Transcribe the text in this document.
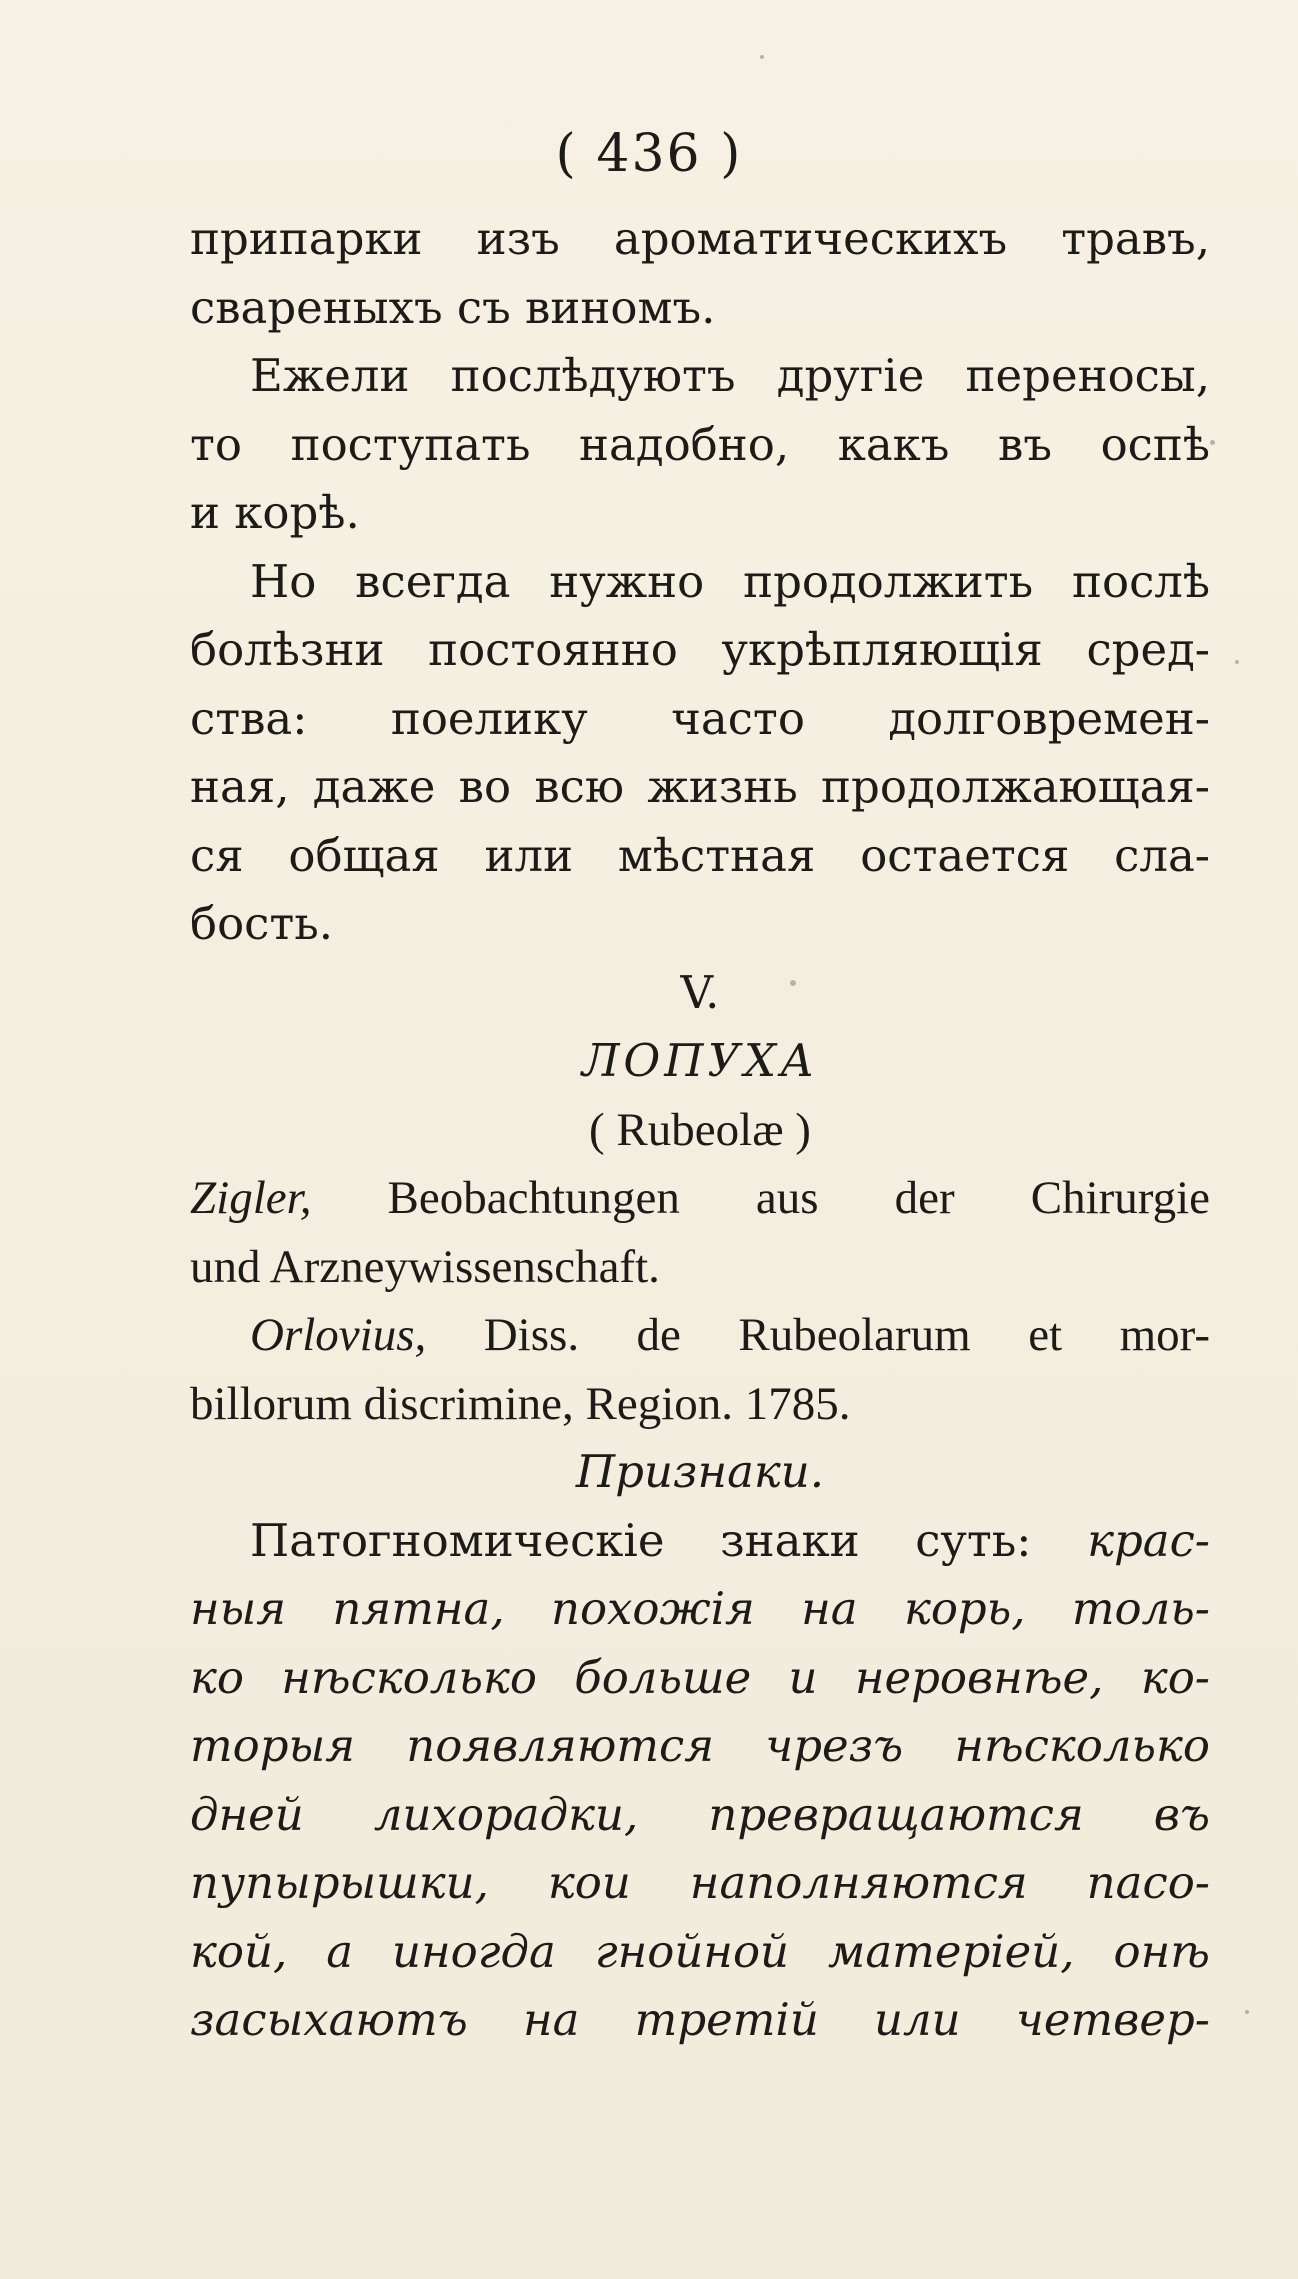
( 436 )
припарки изъ ароматическихъ травъ,
свареныхъ съ виномъ.
Ежели послѣдуютъ другіе переносы,
то поступать надобно, какъ въ оспѣ
и корѣ.
Но всегда нужно продолжить послѣ
болѣзни постоянно укрѣпляющія сред-
ства: поелику часто долговремен-
ная, даже во всю жизнь продолжающая-
ся общая или мѣстная остается сла-
бость.
V.
ЛОПУХА
( Rubeolæ )
Zigler, Beobachtungen aus der Chirurgie
und Arzneywissenschaft.
Orlovius, Diss. de Rubeolarum et mor-
billorum discrimine, Region. 1785.
Признаки.
Патогномическіе знаки суть: крас-
ныя пятна, похожія на корь, толь-
ко нѣсколько больше и неровнѣе, ко-
торыя появляются чрезъ нѣсколько
дней лихорадки, превращаются въ
пупырышки, кои наполняются пасо-
кой, а иногда гнойной матеріей, онѣ
засыхаютъ на третій или четвер-
